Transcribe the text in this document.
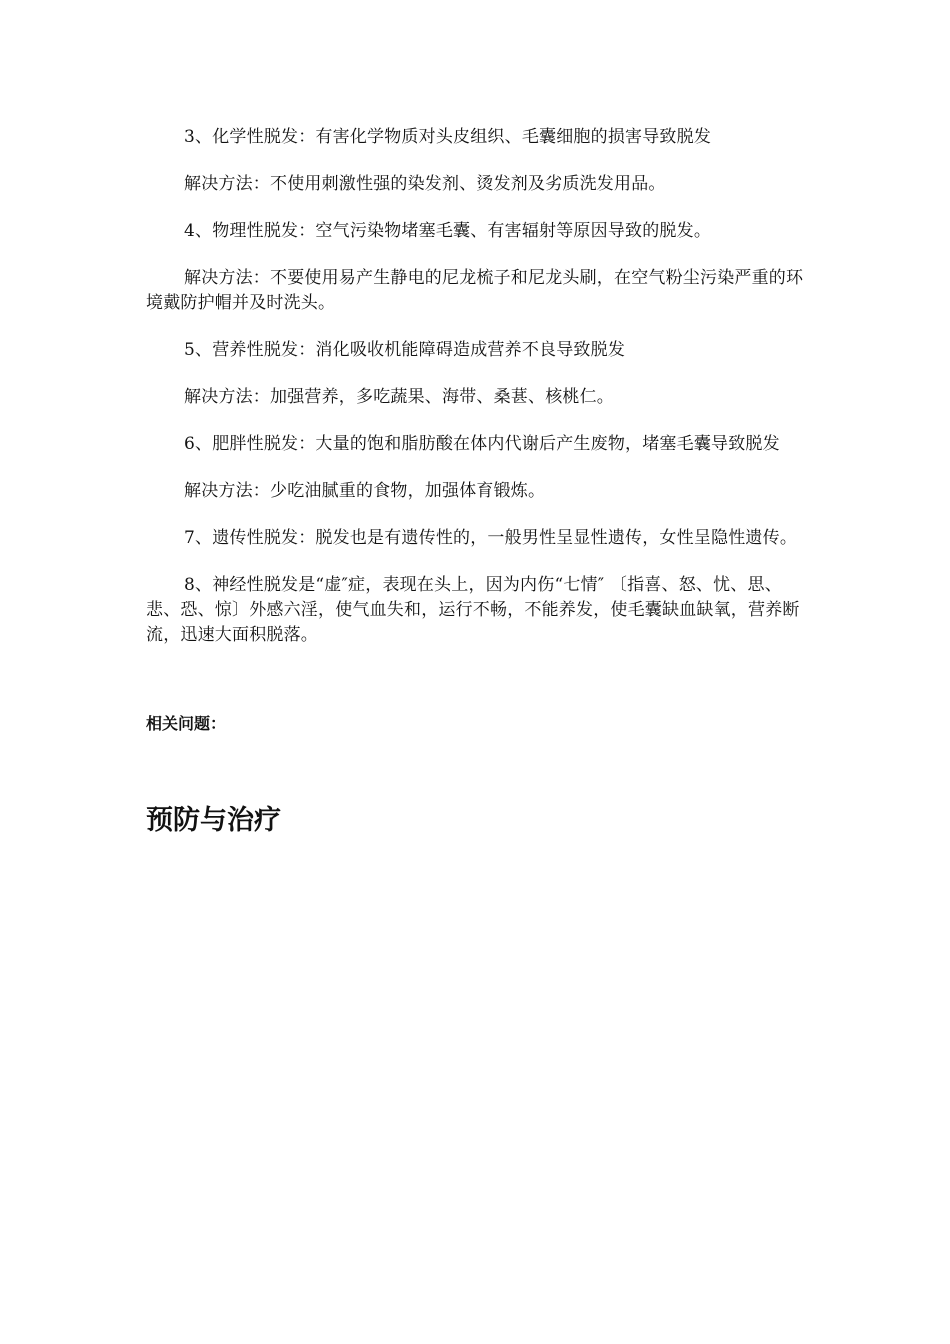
3、化学性脱发：有害化学物质对头皮组织、毛囊细胞的损害导致脱发

解决方法：不使用刺激性强的染发剂、烫发剂及劣质洗发用品。

4、物理性脱发：空气污染物堵塞毛囊、有害辐射等原因导致的脱发。

解决方法：不要使用易产生静电的尼龙梳子和尼龙头刷，在空气粉尘污染严重的环境戴防护帽并及时洗头。

5、营养性脱发：消化吸收机能障碍造成营养不良导致脱发

解决方法：加强营养，多吃蔬果、海带、桑葚、核桃仁。

6、肥胖性脱发：大量的饱和脂肪酸在体内代谢后产生废物，堵塞毛囊导致脱发

解决方法：少吃油腻重的食物，加强体育锻炼。

7、遗传性脱发：脱发也是有遗传性的，一般男性呈显性遗传，女性呈隐性遗传。

8、神经性脱发是“虚″症，表现在头上，因为内伤“七情″ 〔指喜、怒、忧、思、悲、恐、惊〕外感六淫，使气血失和，运行不畅，不能养发，使毛囊缺血缺氧，营养断流，迅速大面积脱落。

相关问题：
预防与治疗
